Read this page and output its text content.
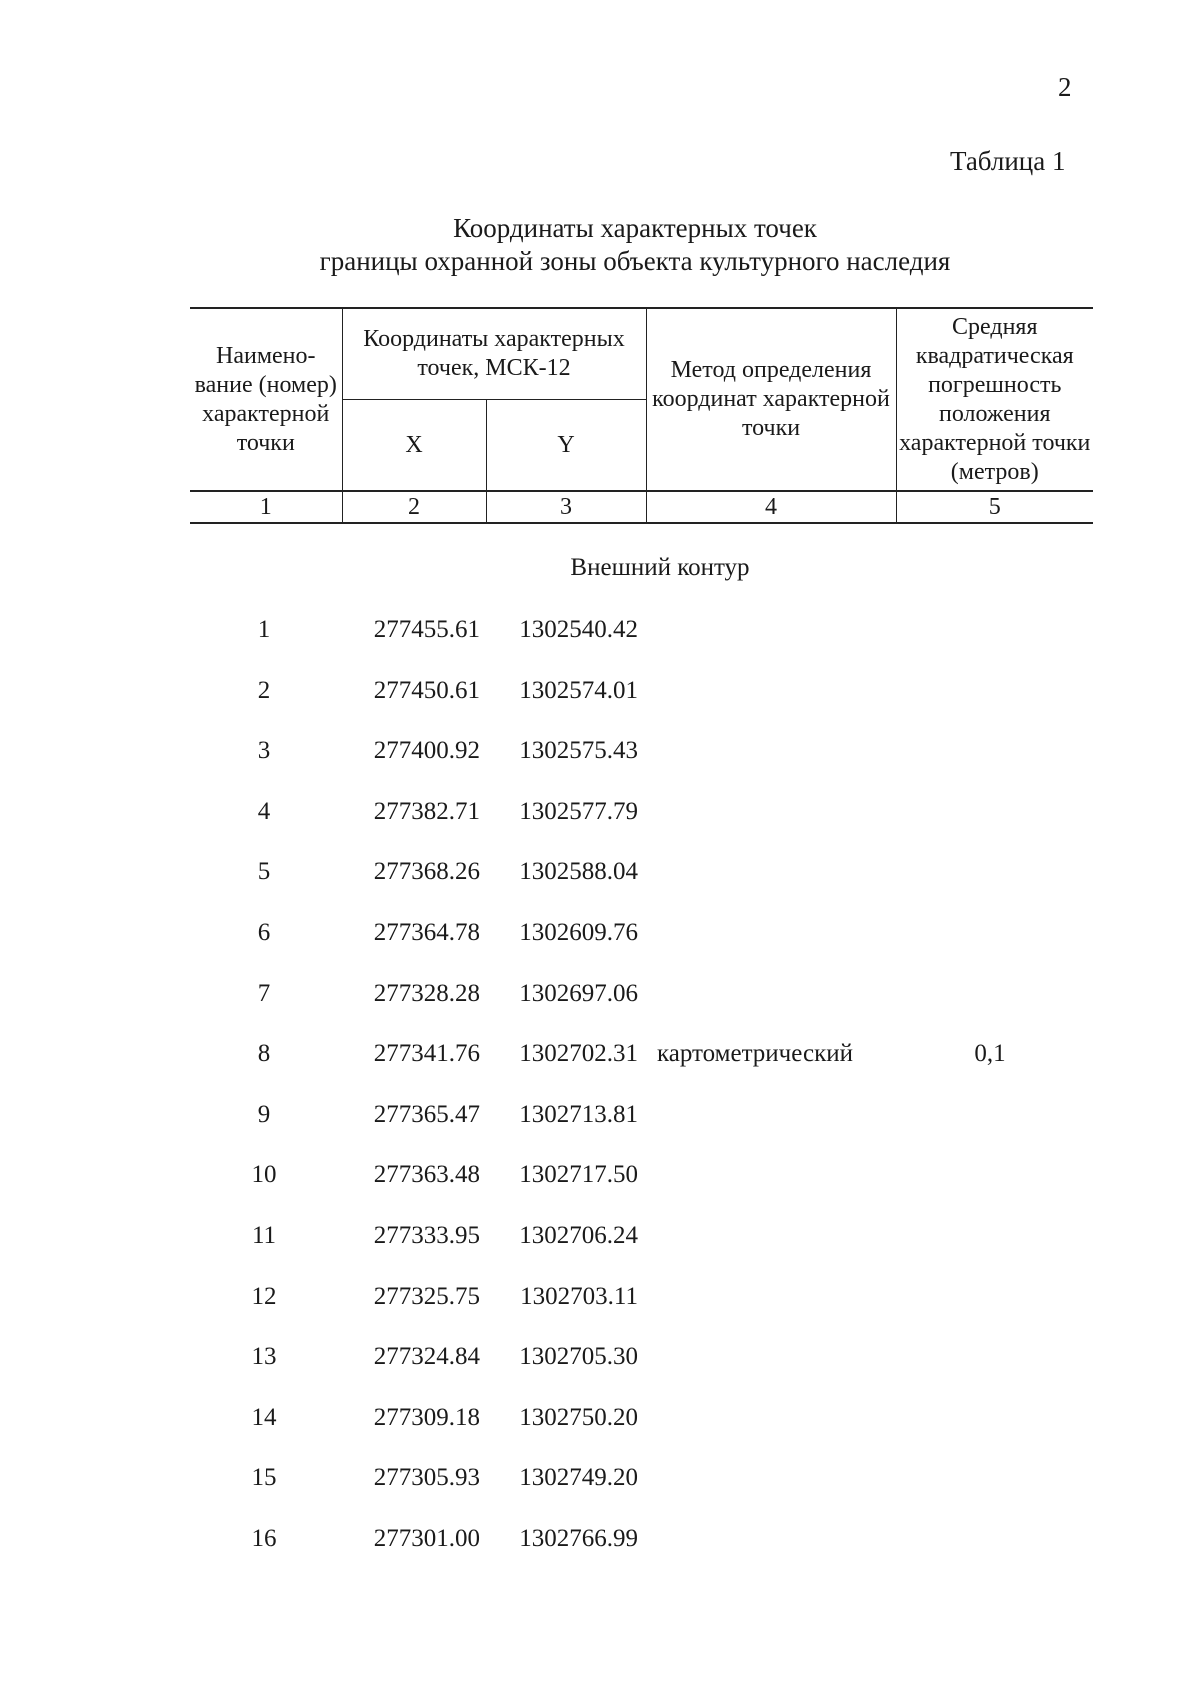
2
Таблица 1
Координаты характерных точек
границы охранной зоны объекта культурного наследия
Наимено-вание (номер) характерной точки	Координаты характерных точек, МСК-12		Метод определения координат характерной точки	Средняя квадратическая погрешность положения характерной точки (метров)
	X	Y		
1	2	3	4	5
Внешний контур
1	277455.61	1302540.42
2	277450.61	1302574.01
3	277400.92	1302575.43
4	277382.71	1302577.79
5	277368.26	1302588.04
6	277364.78	1302609.76
7	277328.28	1302697.06
8	277341.76	1302702.31 картометрический	0,1
9	277365.47	1302713.81
10	277363.48	1302717.50
11	277333.95	1302706.24
12	277325.75	1302703.11
13	277324.84	1302705.30
14	277309.18	1302750.20
15	277305.93	1302749.20
16	277301.00	1302766.99
